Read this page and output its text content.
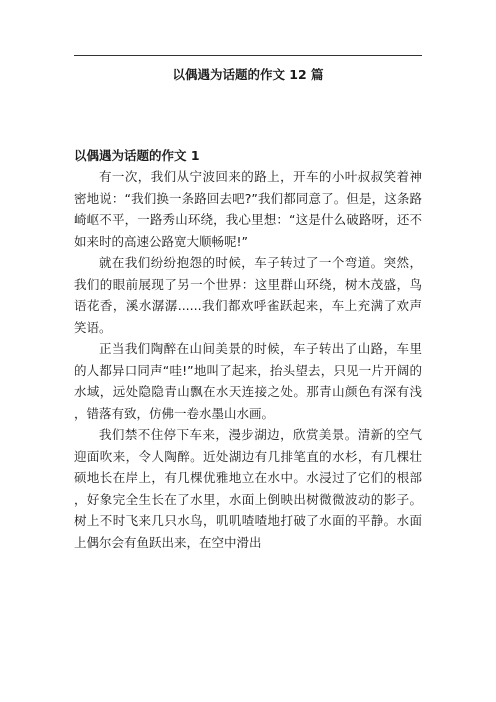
以偶遇为话题的作文 12 篇
以偶遇为话题的作文 1

有一次，我们从宁波回来的路上，开车的小叶叔叔笑着神密地说：“我们换一条路回去吧?”我们都同意了。但是，这条路崎岖不平，一路秀山环绕，我心里想：“这是什么破路呀，还不如来时的高速公路宽大顺畅呢!”

就在我们纷纷抱怨的时候，车子转过了一个弯道。突然，我们的眼前展现了另一个世界：这里群山环绕，树木茂盛，鸟语花香，溪水潺潺......我们都欢呼雀跃起来，车上充满了欢声笑语。

正当我们陶醉在山间美景的时候，车子转出了山路，车里的人都异口同声“哇!”地叫了起来，抬头望去，只见一片开阔的水域，远处隐隐青山飘在水天连接之处。那青山颜色有深有浅，错落有致，仿佛一卷水墨山水画。

我们禁不住停下车来，漫步湖边，欣赏美景。清新的空气迎面吹来，令人陶醉。近处湖边有几排笔直的水杉，有几棵壮硕地长在岸上，有几棵优雅地立在水中。水浸过了它们的根部，好象完全生长在了水里，水面上倒映出树微微波动的影子。树上不时飞来几只水鸟，叽叽喳喳地打破了水面的平静。水面上偶尔会有鱼跃出来，在空中滑出
